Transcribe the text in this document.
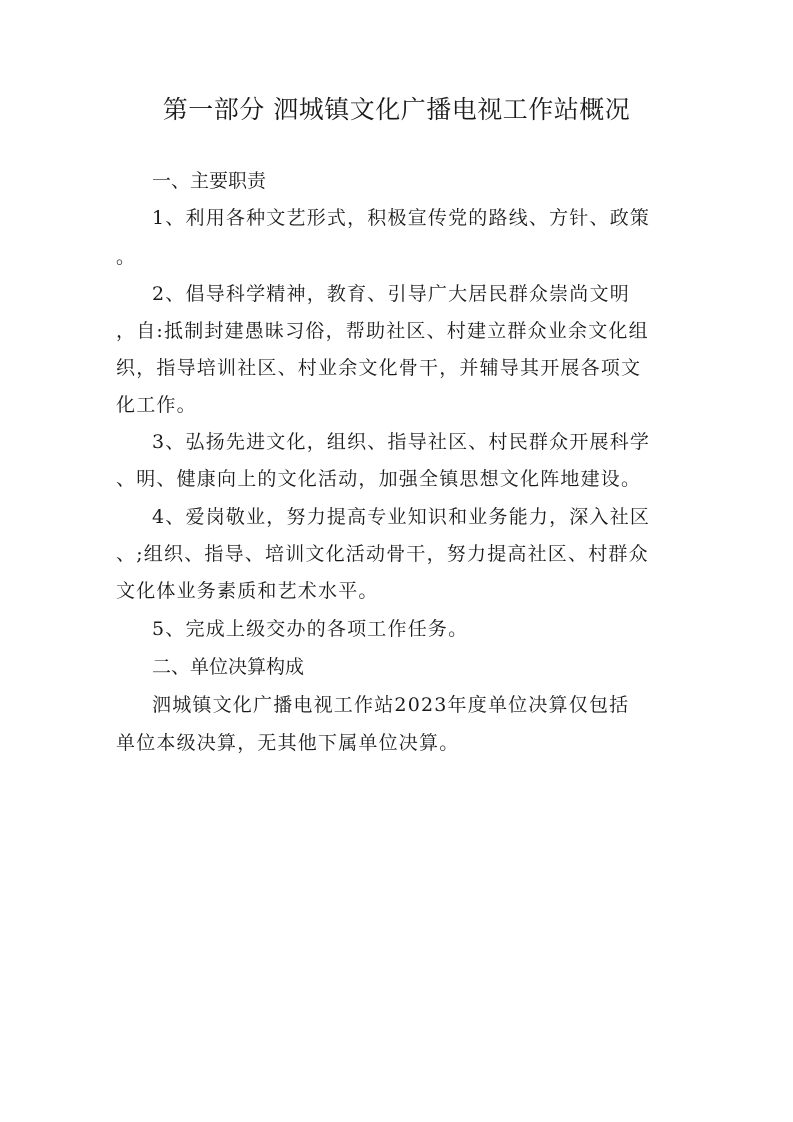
第一部分 泗城镇文化广播电视工作站概况
一、主要职责

1、利用各种文艺形式，积极宣传党的路线、方针、政策

。

2、倡导科学精神，教育、引导广大居民群众崇尚文明

，自:抵制封建愚昧习俗，帮助社区、村建立群众业余文化组

织，指导培训社区、村业余文化骨干，并辅导其开展各项文

化工作。

3、弘扬先进文化，组织、指导社区、村民群众开展科学

、明、健康向上的文化活动，加强全镇思想文化阵地建设。

4、爱岗敬业，努力提高专业知识和业务能力，深入社区

、;组织、指导、培训文化活动骨干，努力提高社区、村群众

文化体业务素质和艺术水平。

5、完成上级交办的各项工作任务。

二、单位决算构成

泗城镇文化广播电视工作站2023年度单位决算仅包括

单位本级决算，无其他下属单位决算。
